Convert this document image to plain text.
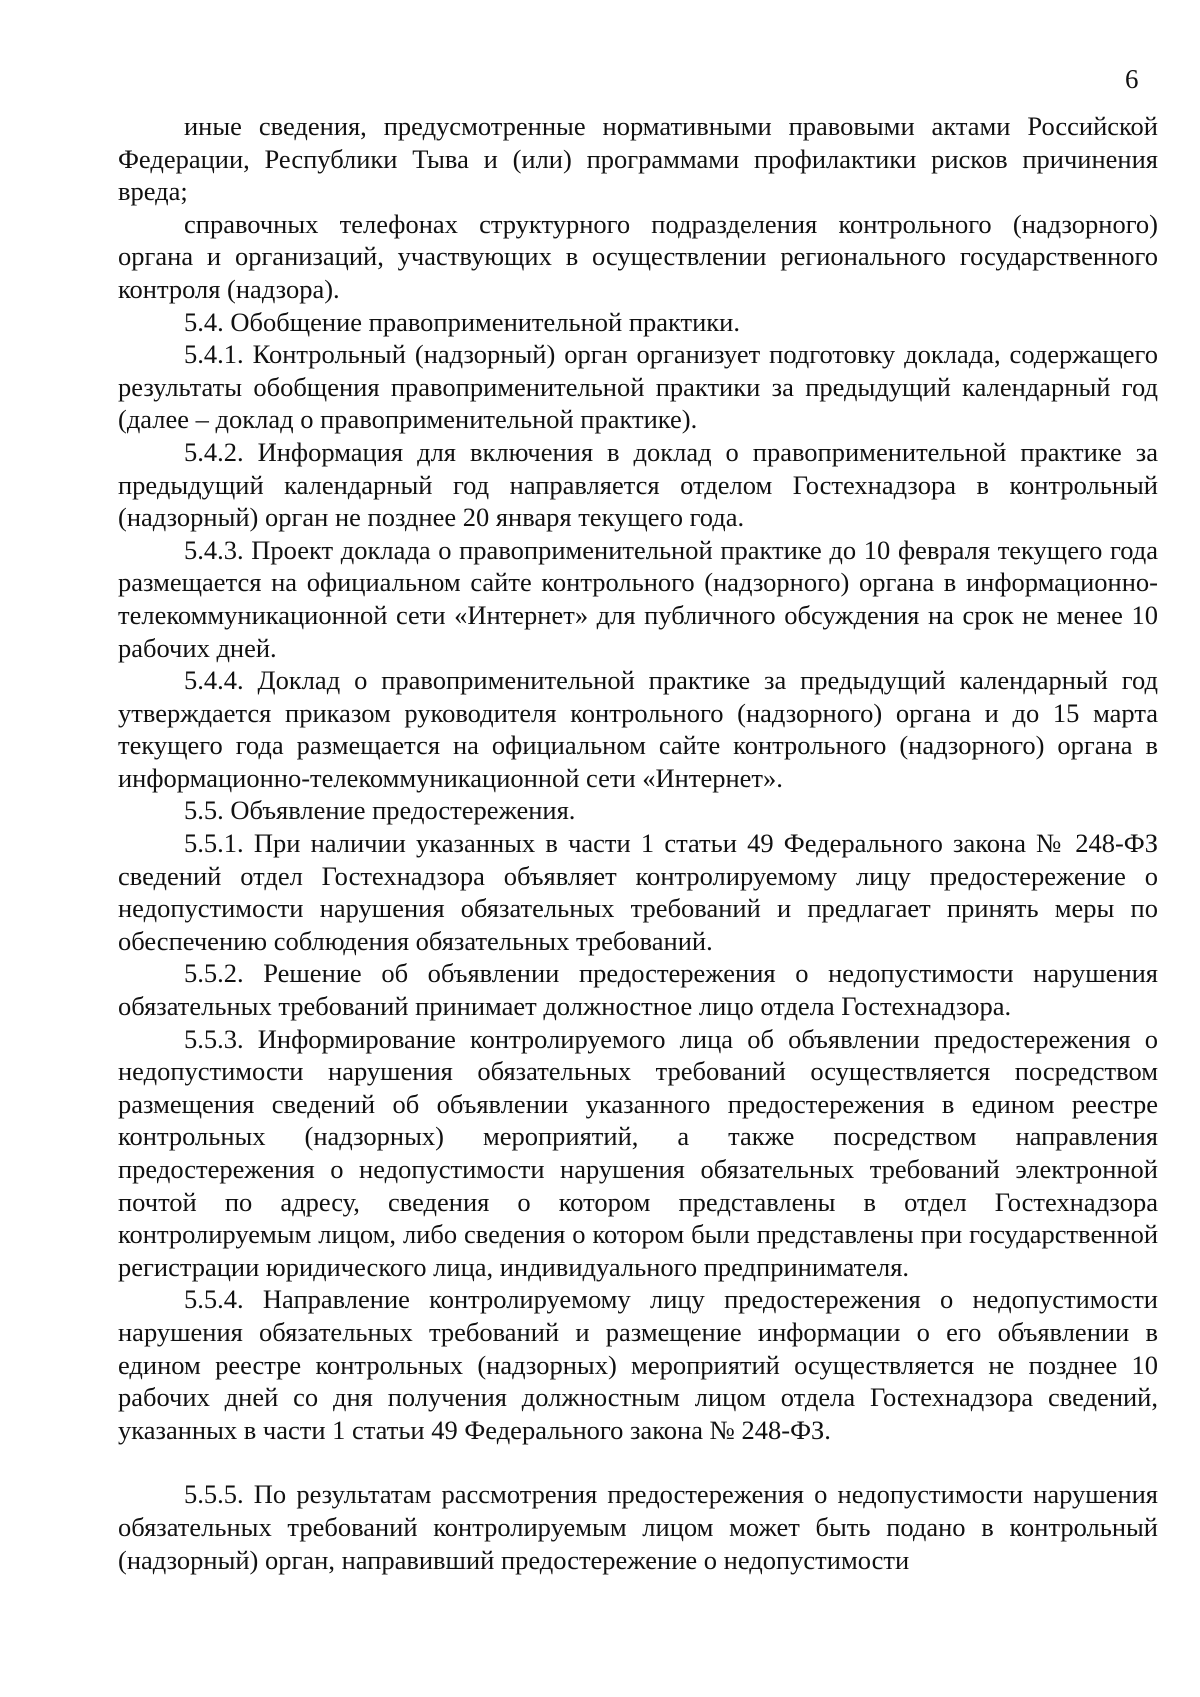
6

иные сведения, предусмотренные нормативными правовыми актами Российской Федерации, Республики Тыва и (или) программами профилактики рисков причинения вреда;

справочных телефонах структурного подразделения контрольного (надзорного) органа и организаций, участвующих в осуществлении регионального государственного контроля (надзора).

5.4. Обобщение правоприменительной практики.

5.4.1. Контрольный (надзорный) орган организует подготовку доклада, содержащего результаты обобщения правоприменительной практики за предыдущий календарный год (далее – доклад о правоприменительной практике).

5.4.2. Информация для включения в доклад о правоприменительной практике за предыдущий календарный год направляется отделом Гостехнадзора в контрольный (надзорный) орган не позднее 20 января текущего года.

5.4.3. Проект доклада о правоприменительной практике до 10 февраля текущего года размещается на официальном сайте контрольного (надзорного) органа в информационно-телекоммуникационной сети «Интернет» для публичного обсуждения на срок не менее 10 рабочих дней.

5.4.4. Доклад о правоприменительной практике за предыдущий календарный год утверждается приказом руководителя контрольного (надзорного) органа и до 15 марта текущего года размещается на официальном сайте контрольного (надзорного) органа в информационно-телекоммуникационной сети «Интернет».

5.5. Объявление предостережения.

5.5.1. При наличии указанных в части 1 статьи 49 Федерального закона № 248-ФЗ сведений отдел Гостехнадзора объявляет контролируемому лицу предостережение о недопустимости нарушения обязательных требований и предлагает принять меры по обеспечению соблюдения обязательных требований.

5.5.2. Решение об объявлении предостережения о недопустимости нарушения обязательных требований принимает должностное лицо отдела Гостехнадзора.

5.5.3. Информирование контролируемого лица об объявлении предостережения о недопустимости нарушения обязательных требований осуществляется посредством размещения сведений об объявлении указанного предостережения в едином реестре контрольных (надзорных) мероприятий, а также посредством направления предостережения о недопустимости нарушения обязательных требований электронной почтой по адресу, сведения о котором представлены в отдел Гостехнадзора контролируемым лицом, либо сведения о котором были представлены при государственной регистрации юридического лица, индивидуального предпринимателя.

5.5.4. Направление контролируемому лицу предостережения о недопустимости нарушения обязательных требований и размещение информации о его объявлении в едином реестре контрольных (надзорных) мероприятий осуществляется не позднее 10 рабочих дней со дня получения должностным лицом отдела Гостехнадзора сведений, указанных в части 1 статьи 49 Федерального закона № 248-ФЗ.

5.5.5. По результатам рассмотрения предостережения о недопустимости нарушения обязательных требований контролируемым лицом может быть подано в контрольный (надзорный) орган, направивший предостережение о недопустимости
